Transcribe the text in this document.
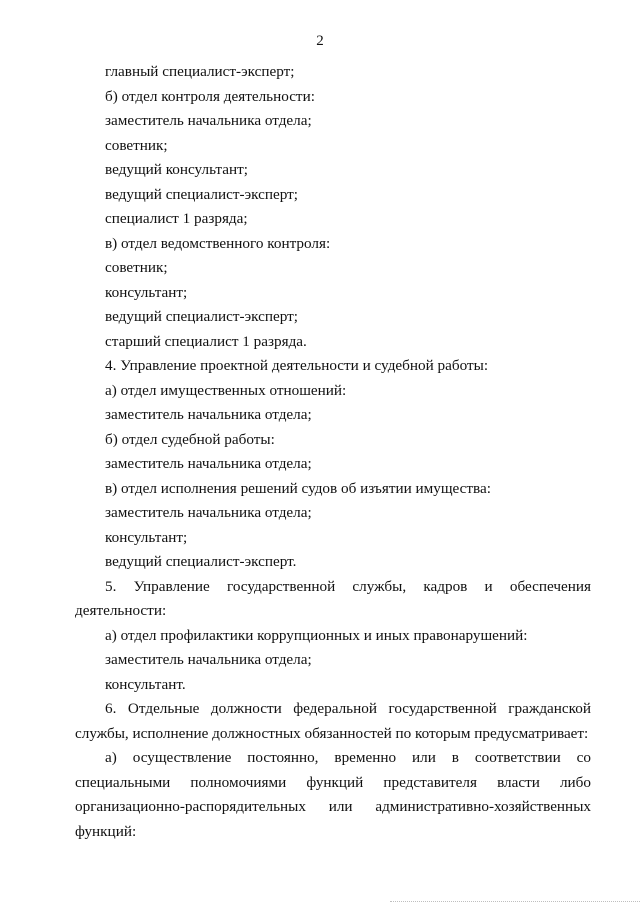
2

главный специалист-эксперт;

б) отдел контроля деятельности:

заместитель начальника отдела;

советник;

ведущий консультант;

ведущий специалист-эксперт;

специалист 1 разряда;

в) отдел ведомственного контроля:

советник;

консультант;

ведущий специалист-эксперт;

старший специалист 1 разряда.

4. Управление проектной деятельности и судебной работы:

а) отдел имущественных отношений:

заместитель начальника отдела;

б) отдел судебной работы:

заместитель начальника отдела;

в) отдел исполнения решений судов об изъятии имущества:

заместитель начальника отдела;

консультант;

ведущий специалист-эксперт.

5. Управление государственной службы, кадров и обеспечения
деятельности:

а) отдел профилактики коррупционных и иных правонарушений:

заместитель начальника отдела;

консультант.

6. Отдельные должности федеральной государственной гражданской
службы, исполнение должностных обязанностей по которым предусматривает:
а) осуществление постоянно, временно или в соответствии со
специальными полномочиями функций представителя власти либо
организационно-распорядительных или административно-хозяйственных
функций:
